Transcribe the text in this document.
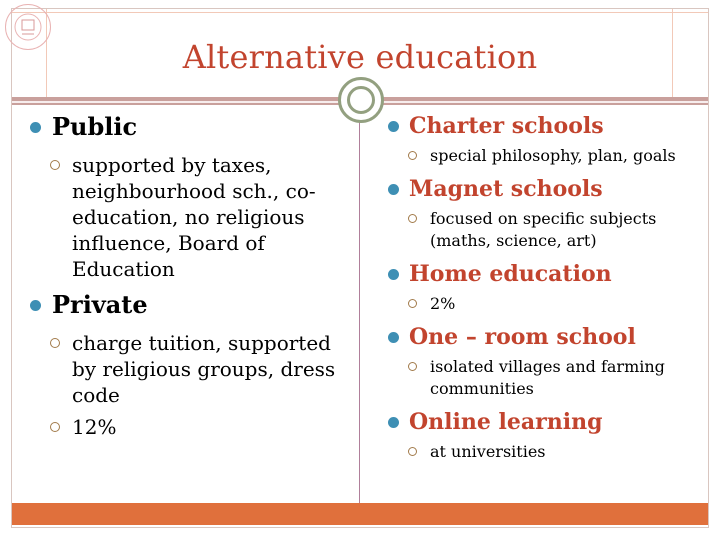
Alternative education
Public
supported by taxes, neighbourhood sch., co-education, no religious influence, Board of Education
Private
charge tuition, supported by religious groups, dress code
12%
Charter schools
special philosophy, plan, goals
Magnet schools
focused on specific subjects (maths, science, art)
Home education
2%
One – room school
isolated villages and farming communities
Online learning
at universities
